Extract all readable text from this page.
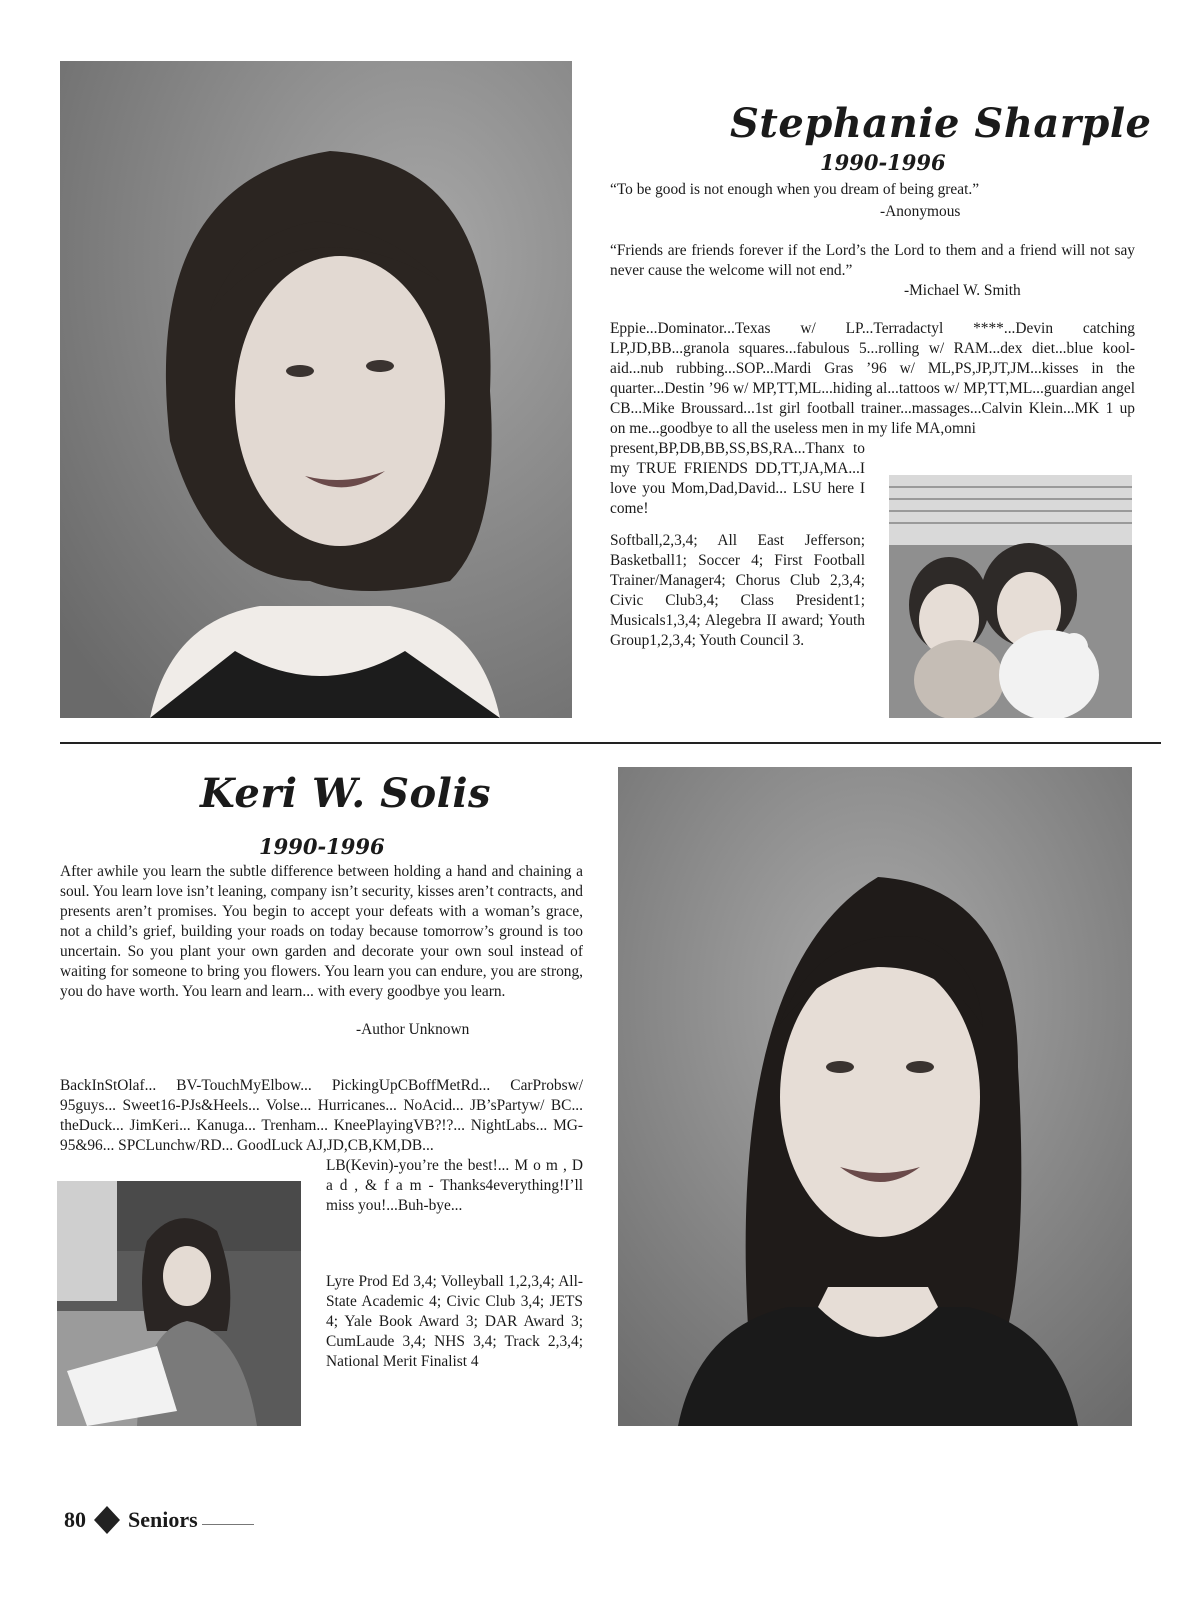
Stephanie Sharple
1990-1996
“To be good is not enough when you dream of being great.”
-Anonymous
“Friends are friends forever if the Lord’s the Lord to them and a friend will not say never cause the welcome will not end.”
-Michael W. Smith
Eppie...Dominator...Texas w/ LP...Terradactyl ****...Devin catching LP,JD,BB...granola squares...fabulous 5...rolling w/ RAM...dex diet...blue kool-aid...nub rubbing...SOP...Mardi Gras ’96 w/ ML,PS,JP,JT,JM...kisses in the quarter...Destin ’96 w/ MP,TT,ML...hiding al...tattoos w/ MP,TT,ML...guardian angel CB...Mike Broussard...1st girl football trainer...massages...Calvin Klein...MK 1 up on me...goodbye to all the useless men in my life MA,omni
present,BP,DB,BB,SS,BS,RA...Thanx to my TRUE FRIENDS DD,TT,JA,MA...I love you Mom,Dad,David... LSU here I come!
Softball,2,3,4; All East Jefferson; Basketball1; Soccer 4; First Football Trainer/Manager4; Chorus Club 2,3,4; Civic Club3,4; Class President1; Musicals1,3,4; Alegebra II award; Youth Group1,2,3,4; Youth Council 3.
Keri W. Solis
1990-1996
After awhile you learn the subtle difference between holding a hand and chaining a soul. You learn love isn’t leaning, company isn’t security, kisses aren’t contracts, and presents aren’t promises. You begin to accept your defeats with a woman’s grace, not a child’s grief, building your roads on today because tomorrow’s ground is too uncertain. So you plant your own garden and decorate your own soul instead of waiting for someone to bring you flowers. You learn you can endure, you are strong, you do have worth. You learn and learn... with every goodbye you learn.
-Author Unknown
BackInStOlaf... BV-TouchMyElbow... PickingUpCBoffMetRd... CarProbsw/ 95guys... Sweet16-PJs&Heels... Volse... Hurricanes... NoAcid... JB’sPartyw/ BC... theDuck... JimKeri... Kanuga... Trenham... KneePlayingVB?!?... NightLabs... MG-95&96... SPCLunchw/RD... GoodLuck AJ,JD,CB,KM,DB...
LB(Kevin)-you’re the best!... M o m , D a d , & f a m - Thanks4everything!I’ll miss you!...Buh-bye...
Lyre Prod Ed 3,4; Volleyball 1,2,3,4; All-State Academic 4; Civic Club 3,4; JETS 4; Yale Book Award 3; DAR Award 3; CumLaude 3,4; NHS 3,4; Track 2,3,4; National Merit Finalist 4
80 Seniors
